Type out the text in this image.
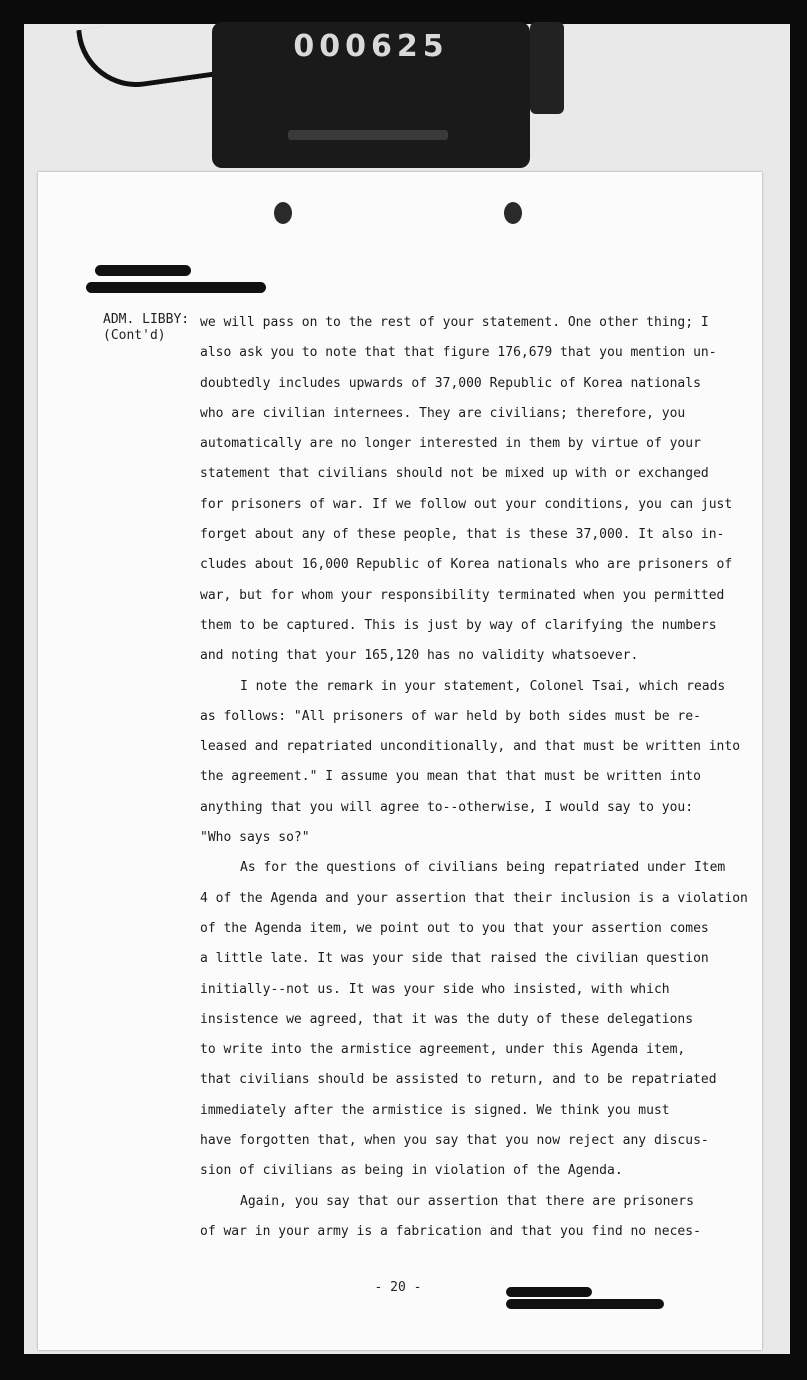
000625
ADM. LIBBY:
(Cont'd)
we will pass on to the rest of your statement. One other thing; I
also ask you to note that that figure 176,679 that you mention un-
doubtedly includes upwards of 37,000 Republic of Korea nationals
who are civilian internees. They are civilians; therefore, you
automatically are no longer interested in them by virtue of your
statement that civilians should not be mixed up with or exchanged
for prisoners of war. If we follow out your conditions, you can just
forget about any of these people, that is these 37,000. It also in-
cludes about 16,000 Republic of Korea nationals who are prisoners of
war, but for whom your responsibility terminated when you permitted
them to be captured. This is just by way of clarifying the numbers
and noting that your 165,120 has no validity whatsoever.
I note the remark in your statement, Colonel Tsai, which reads
as follows: "All prisoners of war held by both sides must be re-
leased and repatriated unconditionally, and that must be written into
the agreement." I assume you mean that that must be written into
anything that you will agree to--otherwise, I would say to you:
"Who says so?"
As for the questions of civilians being repatriated under Item
4 of the Agenda and your assertion that their inclusion is a violation
of the Agenda item, we point out to you that your assertion comes
a little late. It was your side that raised the civilian question
initially--not us. It was your side who insisted, with which
insistence we agreed, that it was the duty of these delegations
to write into the armistice agreement, under this Agenda item,
that civilians should be assisted to return, and to be repatriated
immediately after the armistice is signed. We think you must
have forgotten that, when you say that you now reject any discus-
sion of civilians as being in violation of the Agenda.
Again, you say that our assertion that there are prisoners
of war in your army is a fabrication and that you find no neces-
- 20 -
